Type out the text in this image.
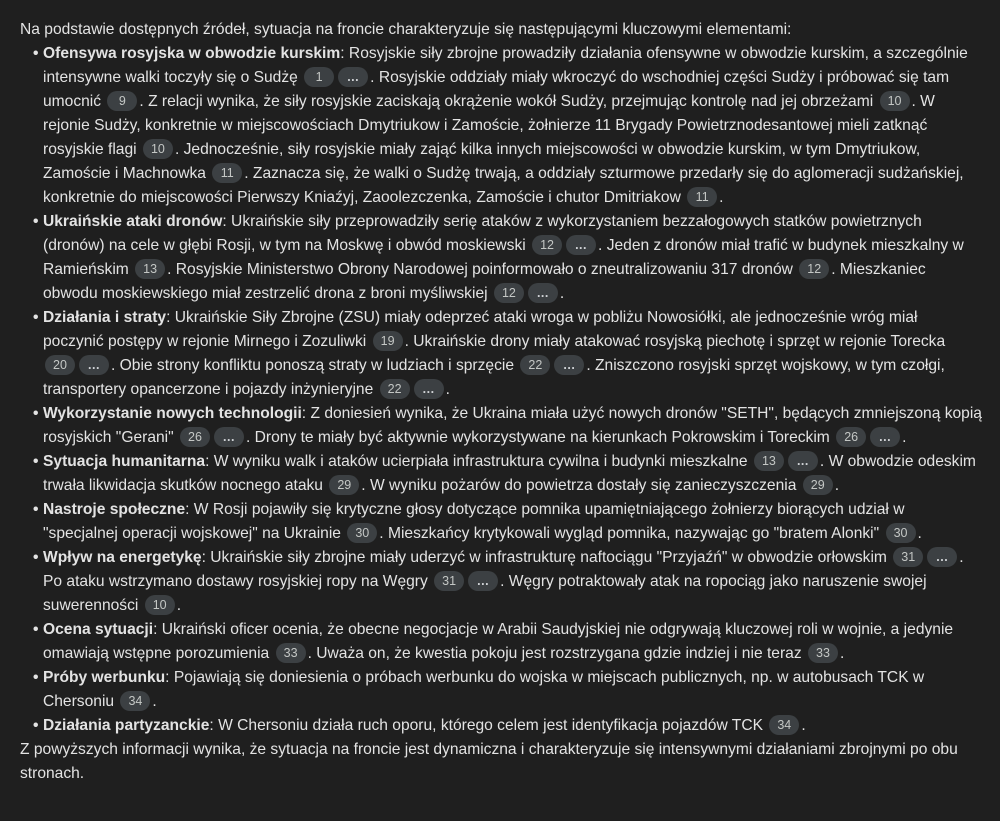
Na podstawie dostępnych źródeł, sytuacja na froncie charakteryzuje się następującymi kluczowymi elementami:

• Ofensywa rosyjska w obwodzie kurskim: Rosyjskie siły zbrojne prowadziły działania ofensywne w obwodzie kurskim, a szczególnie intensywne walki toczyły się o Sudżę 1 ... . Rosyjskie oddziały miały wkroczyć do wschodniej części Sudży i próbować się tam umocnić 9 . Z relacji wynika, że siły rosyjskie zaciskają okrążenie wokół Sudży, przejmując kontrolę nad jej obrzeżami 10 . W rejonie Sudży, konkretnie w miejscowościach Dmytriukow i Zamoście, żołnierze 11 Brygady Powietrznodesantowej mieli zatknąć rosyjskie flagi 10 . Jednocześnie, siły rosyjskie miały zająć kilka innych miejscowości w obwodzie kurskim, w tym Dmytriukow, Zamoście i Machnowka 11 . Zaznacza się, że walki o Sudżę trwają, a oddziały szturmowe przedarły się do aglomeracji sudżańskiej, konkretnie do miejscowości Pierwszy Kniaźyj, Zaoolezczenka, Zamoście i chutor Dmitriakow 11 .
• Ukraińskie ataki dronów: Ukraińskie siły przeprowadziły serię ataków z wykorzystaniem bezzałogowych statków powietrznych (dronów) na cele w głębi Rosji, w tym na Moskwę i obwód moskiewski 12 ... . Jeden z dronów miał trafić w budynek mieszkalny w Ramieńskim 13 . Rosyjskie Ministerstwo Obrony Narodowej poinformowało o zneutralizowaniu 317 dronów 12 . Mieszkaniec obwodu moskiewskiego miał zestrzelić drona z broni myśliwskiej 12 ... .
• Działania i straty: Ukraińskie Siły Zbrojne (ZSU) miały odeprzeć ataki wroga w pobliżu Nowosiółki, ale jednocześnie wróg miał poczynić postępy w rejonie Mirnego i Zozuliwki 19 . Ukraińskie drony miały atakować rosyjską piechotę i sprzęt w rejonie Torecka 20 ... . Obie strony konfliktu ponoszą straty w ludziach i sprzęcie 22 ... . Zniszczono rosyjski sprzęt wojskowy, w tym czołgi, transportery opancerzone i pojazdy inżynieryjne 22 ... .
• Wykorzystanie nowych technologii: Z doniesień wynika, że Ukraina miała użyć nowych dronów "SETH", będących zmniejszoną kopią rosyjskich "Gerani" 26 ... . Drony te miały być aktywnie wykorzystywane na kierunkach Pokrowskim i Toreckim 26 ... .
• Sytuacja humanitarna: W wyniku walk i ataków ucierpiała infrastruktura cywilna i budynki mieszkalne 13 ... . W obwodzie odeskim trwała likwidacja skutków nocnego ataku 29 . W wyniku pożarów do powietrza dostały się zanieczyszczenia 29 .
• Nastroje społeczne: W Rosji pojawiły się krytyczne głosy dotyczące pomnika upamiętniającego żołnierzy biorących udział w "specjalnej operacji wojskowej" na Ukrainie 30 . Mieszkańcy krytykowali wygląd pomnika, nazywając go "bratem Alonki" 30 .
• Wpływ na energetykę: Ukraińskie siły zbrojne miały uderzyć w infrastrukturę naftociągu "Przyjaźń" w obwodzie orłowskim 31 ... . Po ataku wstrzymano dostawy rosyjskiej ropy na Węgry 31 ... . Węgry potraktowały atak na ropociąg jako naruszenie swojej suwerenności 10 .
• Ocena sytuacji: Ukraiński oficer ocenia, że obecne negocjacje w Arabii Saudyjskiej nie odgrywają kluczowej roli w wojnie, a jedynie omawiają wstępne porozumienia 33 . Uważa on, że kwestia pokoju jest rozstrzygana gdzie indziej i nie teraz 33 .
• Próby werbunku: Pojawiają się doniesienia o próbach werbunku do wojska w miejscach publicznych, np. w autobusach TCK w Chersoniu 34 .
• Działania partyzanckie: W Chersoniu działa ruch oporu, którego celem jest identyfikacja pojazdów TCK 34 .

Z powyższych informacji wynika, że sytuacja na froncie jest dynamiczna i charakteryzuje się intensywnymi działaniami zbrojnymi po obu stronach.
